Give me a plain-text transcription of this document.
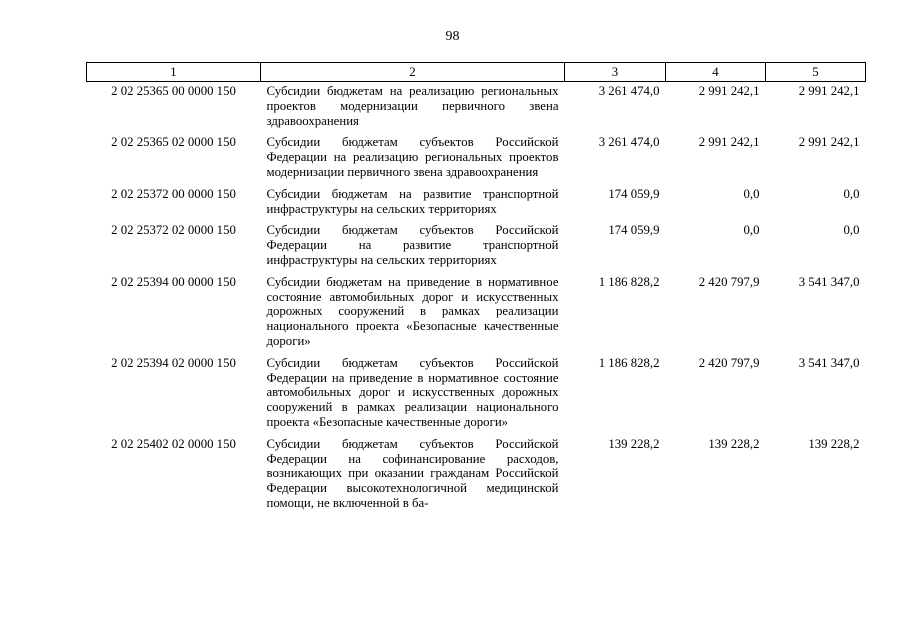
98
1	2	3	4	5
2 02 25365 00 0000 150	Субсидии бюджетам на реализацию региональных проектов модернизации первичного звена здравоохранения	3 261 474,0	2 991 242,1	2 991 242,1
2 02 25365 02 0000 150	Субсидии бюджетам субъектов Российской Федерации на реализацию региональных проектов модернизации первичного звена здравоохранения	3 261 474,0	2 991 242,1	2 991 242,1
2 02 25372 00 0000 150	Субсидии бюджетам на развитие транспортной инфраструктуры на сельских территориях	174 059,9	0,0	0,0
2 02 25372 02 0000 150	Субсидии бюджетам субъектов Российской Федерации на развитие транспортной инфраструктуры на сельских территориях	174 059,9	0,0	0,0
2 02 25394 00 0000 150	Субсидии бюджетам на приведение в нормативное состояние автомобильных дорог и искусственных дорожных сооружений в рамках реализации национального проекта «Безопасные качественные дороги»	1 186 828,2	2 420 797,9	3 541 347,0
2 02 25394 02 0000 150	Субсидии бюджетам субъектов Российской Федерации на приведение в нормативное состояние автомобильных дорог и искусственных дорожных сооружений в рамках реализации национального проекта «Безопасные качественные дороги»	1 186 828,2	2 420 797,9	3 541 347,0
2 02 25402 02 0000 150	Субсидии бюджетам субъектов Российской Федерации на софинансирование расходов, возникающих при оказании гражданам Российской Федерации высокотехнологичной медицинской помощи, не включенной в ба-	139 228,2	139 228,2	139 228,2
